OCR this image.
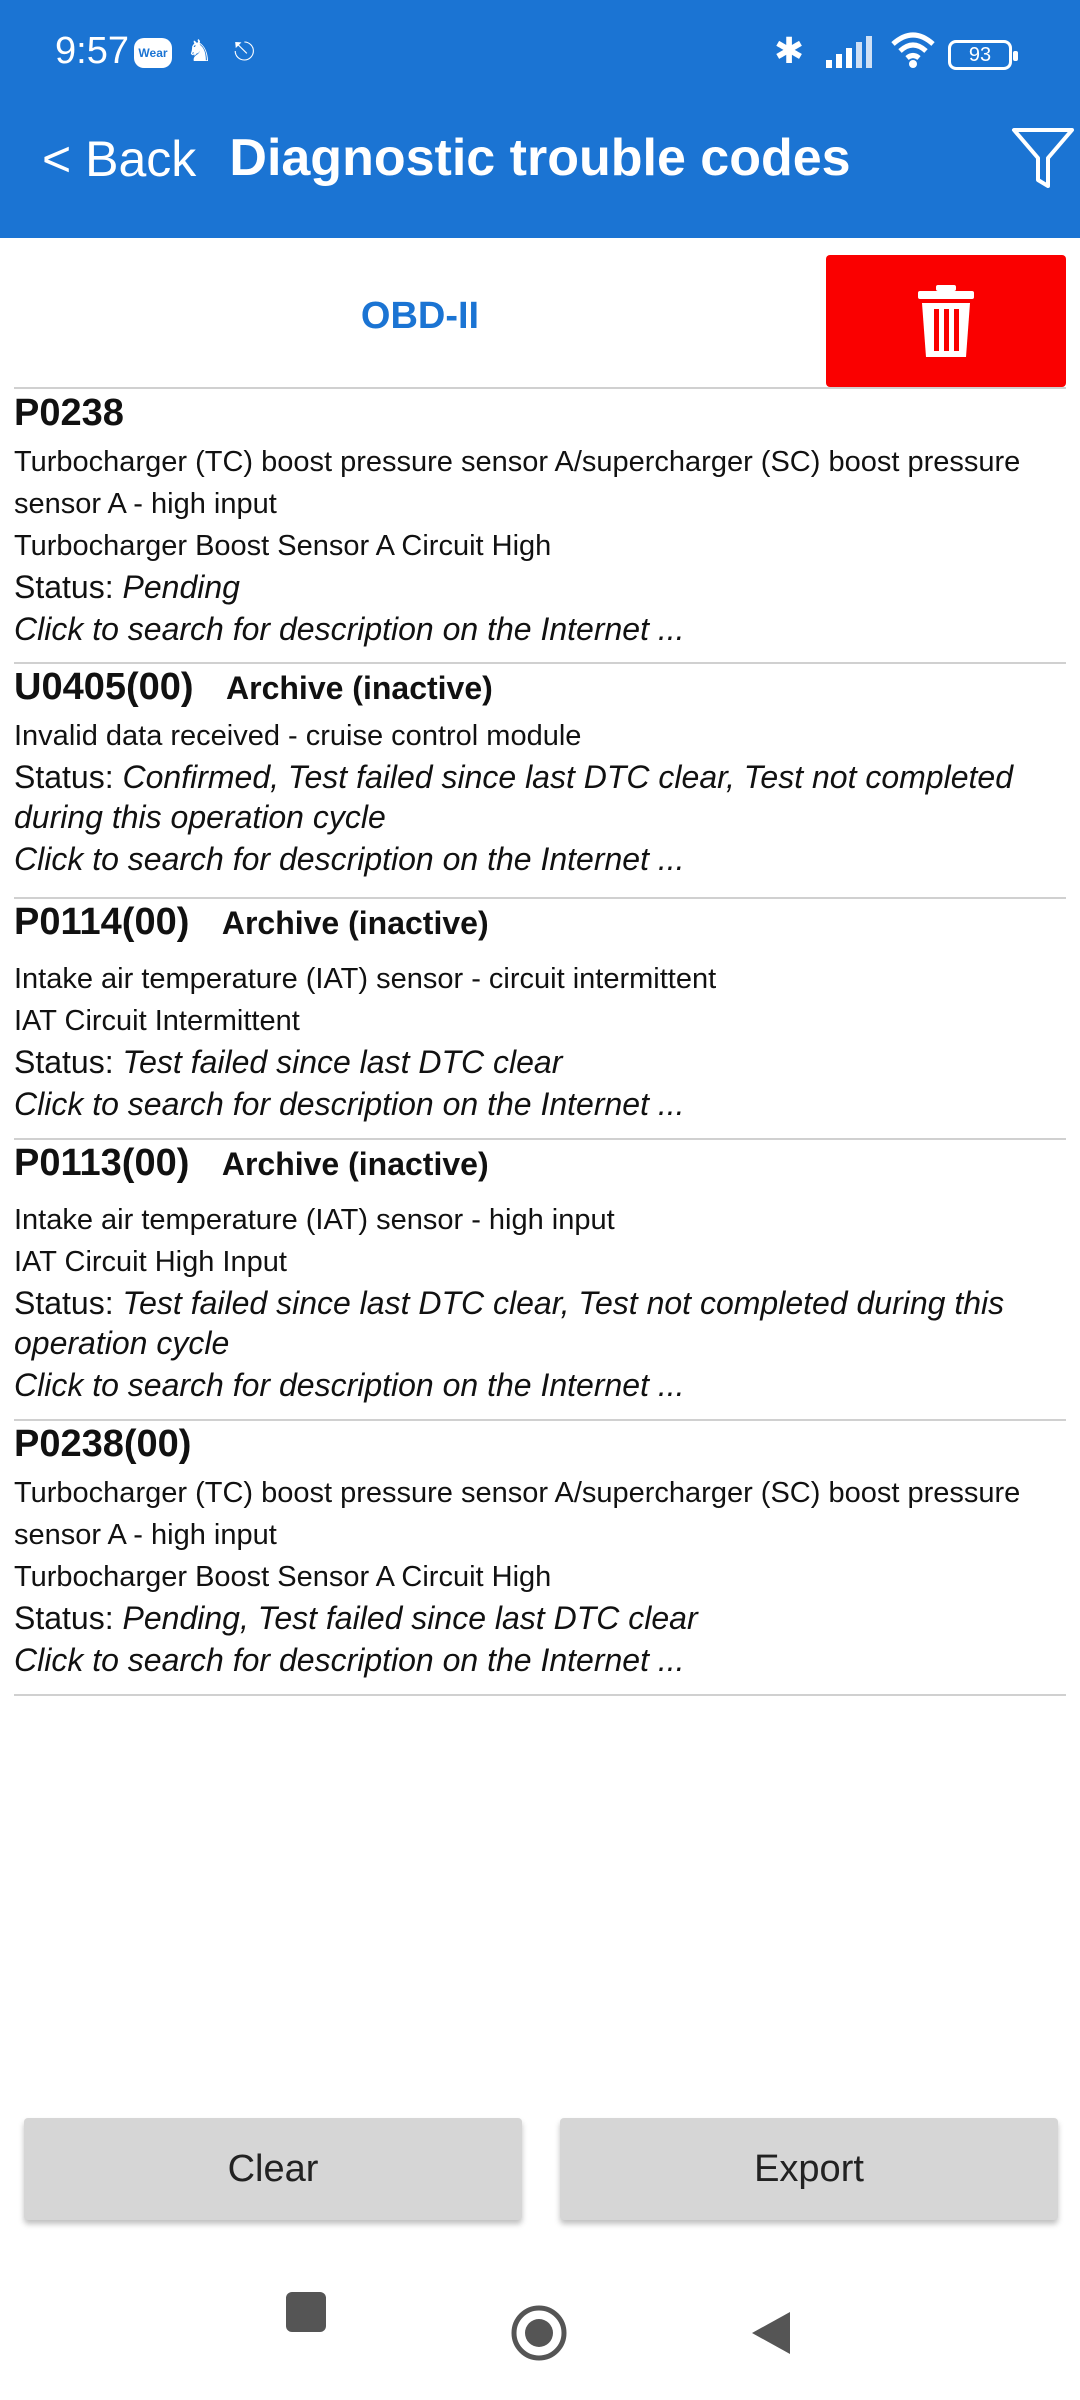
9:57 Wear ♞ ⎋	✱	93
< Back Diagnostic trouble codes
OBD-II
P0238
Turbocharger (TC) boost pressure sensor A/supercharger (SC) boost pressure
sensor A - high input
Turbocharger Boost Sensor A Circuit High
Status: Pending
Click to search for description on the Internet ...
U0405(00) Archive (inactive)
Invalid data received - cruise control module
Status: Confirmed, Test failed since last DTC clear, Test not completed during this operation cycle
Click to search for description on the Internet ...
P0114(00) Archive (inactive)
Intake air temperature (IAT) sensor - circuit intermittent
IAT Circuit Intermittent
Status: Test failed since last DTC clear
Click to search for description on the Internet ...
P0113(00) Archive (inactive)
Intake air temperature (IAT) sensor - high input
IAT Circuit High Input
Status: Test failed since last DTC clear, Test not completed during this operation cycle
Click to search for description on the Internet ...
P0238(00)
Turbocharger (TC) boost pressure sensor A/supercharger (SC) boost pressure
sensor A - high input
Turbocharger Boost Sensor A Circuit High
Status: Pending, Test failed since last DTC clear
Click to search for description on the Internet ...
Clear	Export
